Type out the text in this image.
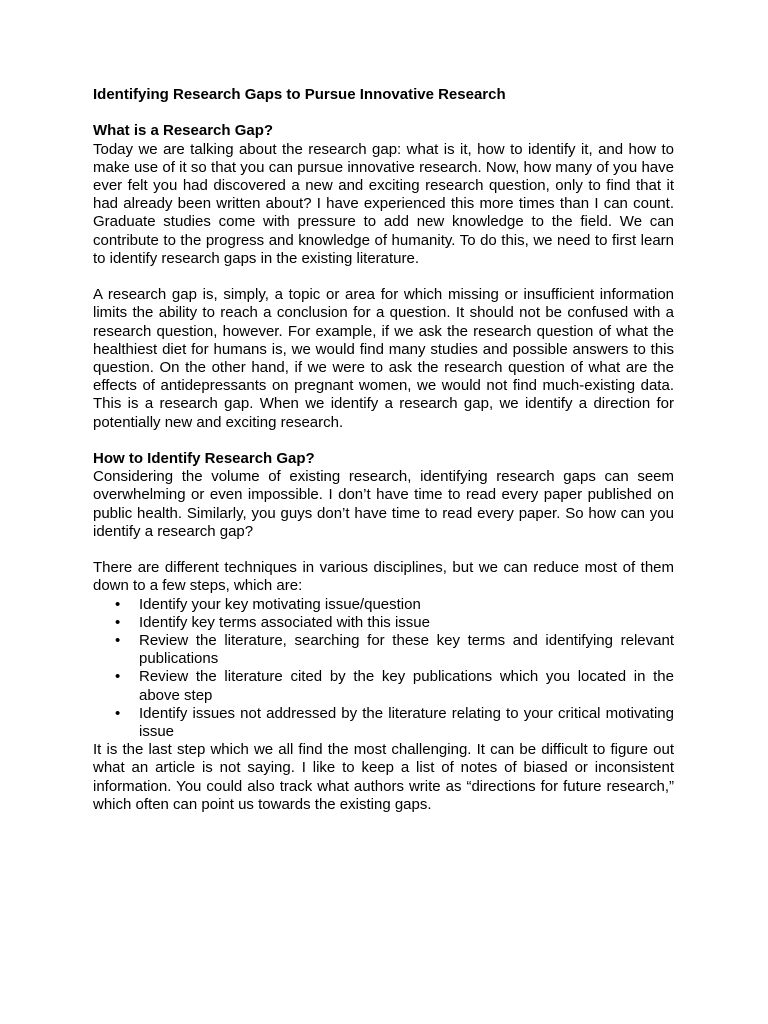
Identifying Research Gaps to Pursue Innovative Research

What is a Research Gap?

Today we are talking about the research gap: what is it, how to identify it, and how to make use of it so that you can pursue innovative research. Now, how many of you have ever felt you had discovered a new and exciting research question, only to find that it had already been written about? I have experienced this more times than I can count. Graduate studies come with pressure to add new knowledge to the field. We can contribute to the progress and knowledge of humanity. To do this, we need to first learn to identify research gaps in the existing literature.

A research gap is, simply, a topic or area for which missing or insufficient information limits the ability to reach a conclusion for a question. It should not be confused with a research question, however. For example, if we ask the research question of what the healthiest diet for humans is, we would find many studies and possible answers to this question. On the other hand, if we were to ask the research question of what are the effects of antidepressants on pregnant women, we would not find much-existing data. This is a research gap. When we identify a research gap, we identify a direction for potentially new and exciting research.

How to Identify Research Gap?

Considering the volume of existing research, identifying research gaps can seem overwhelming or even impossible. I don’t have time to read every paper published on public health. Similarly, you guys don’t have time to read every paper. So how can you identify a research gap?

There are different techniques in various disciplines, but we can reduce most of them down to a few steps, which are:

• Identify your key motivating issue/question
• Identify key terms associated with this issue
• Review the literature, searching for these key terms and identifying relevant publications
• Review the literature cited by the key publications which you located in the above step
• Identify issues not addressed by the literature relating to your critical motivating issue

It is the last step which we all find the most challenging. It can be difficult to figure out what an article is not saying. I like to keep a list of notes of biased or inconsistent information. You could also track what authors write as “directions for future research,” which often can point us towards the existing gaps.
